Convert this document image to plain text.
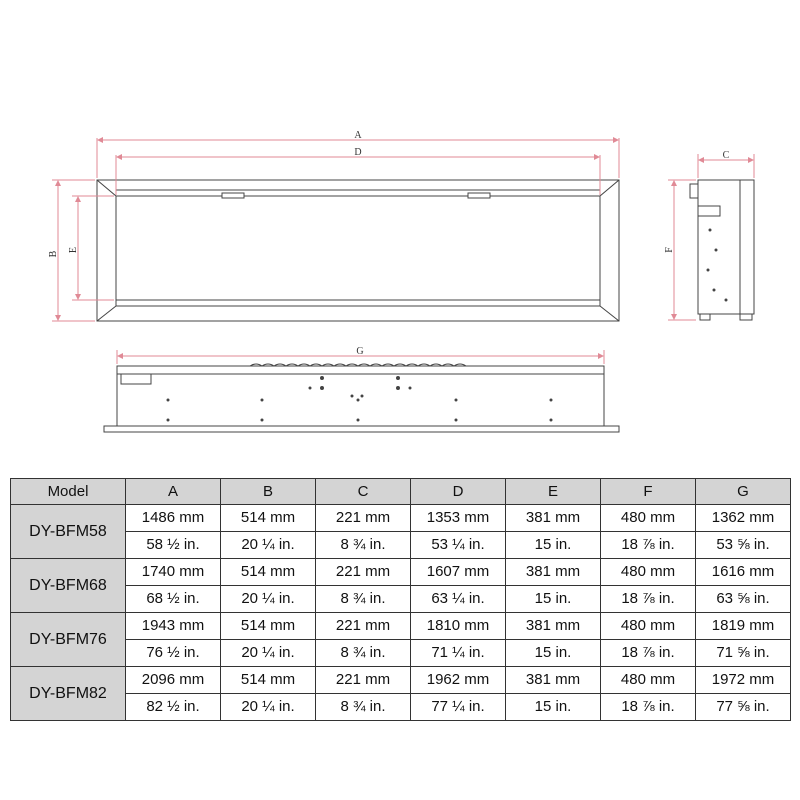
A
D
B
E
C
F
G
Model	A	B	C	D	E	F	G
DY-BFM58	1486 mm	514 mm	221 mm	1353 mm	381 mm	480 mm	1362 mm
	58 ½ in.	20 ¼ in.	8 ¾ in.	53 ¼ in.	15 in.	18 ⅞ in.	53 ⅝ in.
DY-BFM68	1740 mm	514 mm	221 mm	1607 mm	381 mm	480 mm	1616 mm
	68 ½ in.	20 ¼ in.	8 ¾ in.	63 ¼ in.	15 in.	18 ⅞ in.	63 ⅝ in.
DY-BFM76	1943 mm	514 mm	221 mm	1810 mm	381 mm	480 mm	1819 mm
	76 ½ in.	20 ¼ in.	8 ¾ in.	71 ¼ in.	15 in.	18 ⅞ in.	71 ⅝ in.
DY-BFM82	2096 mm	514 mm	221 mm	1962 mm	381 mm	480 mm	1972 mm
	82 ½ in.	20 ¼ in.	8 ¾ in.	77 ¼ in.	15 in.	18 ⅞ in.	77 ⅝ in.
